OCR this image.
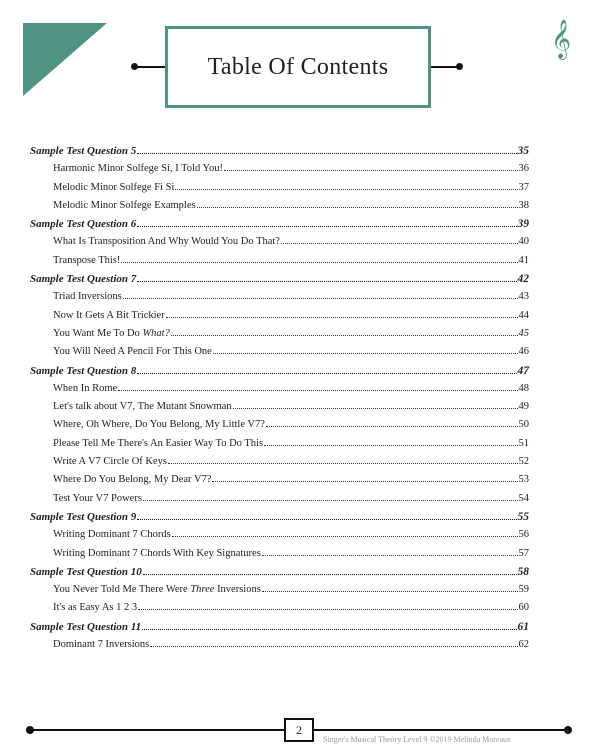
Table Of Contents
𝄞
Sample Test Question 5	35
Harmonic Minor Solfege Si, I Told You!	36
Melodic Minor Solfege Fi Si	37
Melodic Minor Solfege Examples	38
Sample Test Question 6	39
What Is Transposition And Why Would You Do That?	40
Transpose This!	41
Sample Test Question 7	42
Triad Inversions	43
Now It Gets A Bit Trickier	44
You Want Me To Do What?	45
You Will Need A Pencil For This One	46
Sample Test Question 8	47
When In Rome	48
Let's talk about V7, The Mutant Snowman	49
Where, Oh Where, Do You Belong, My Little V7?	50
Please Tell Me There's An Easier Way To Do This	51
Write A V7 Circle Of Keys	52
Where Do You Belong, My Dear V7?	53
Test Your V7 Powers	54
Sample Test Question 9	55
Writing Dominant 7 Chords	56
Writing Dominant 7 Chords With Key Signatures	57
Sample Test Question 10	58
You Never Told Me There Were Three Inversions	59
It's as Easy As 1 2 3	60
Sample Test Question 11	61
Dominant 7 Inversions	62
2
Singer's Musical Theory Level 9 ©2019 Melinda Moreaux
